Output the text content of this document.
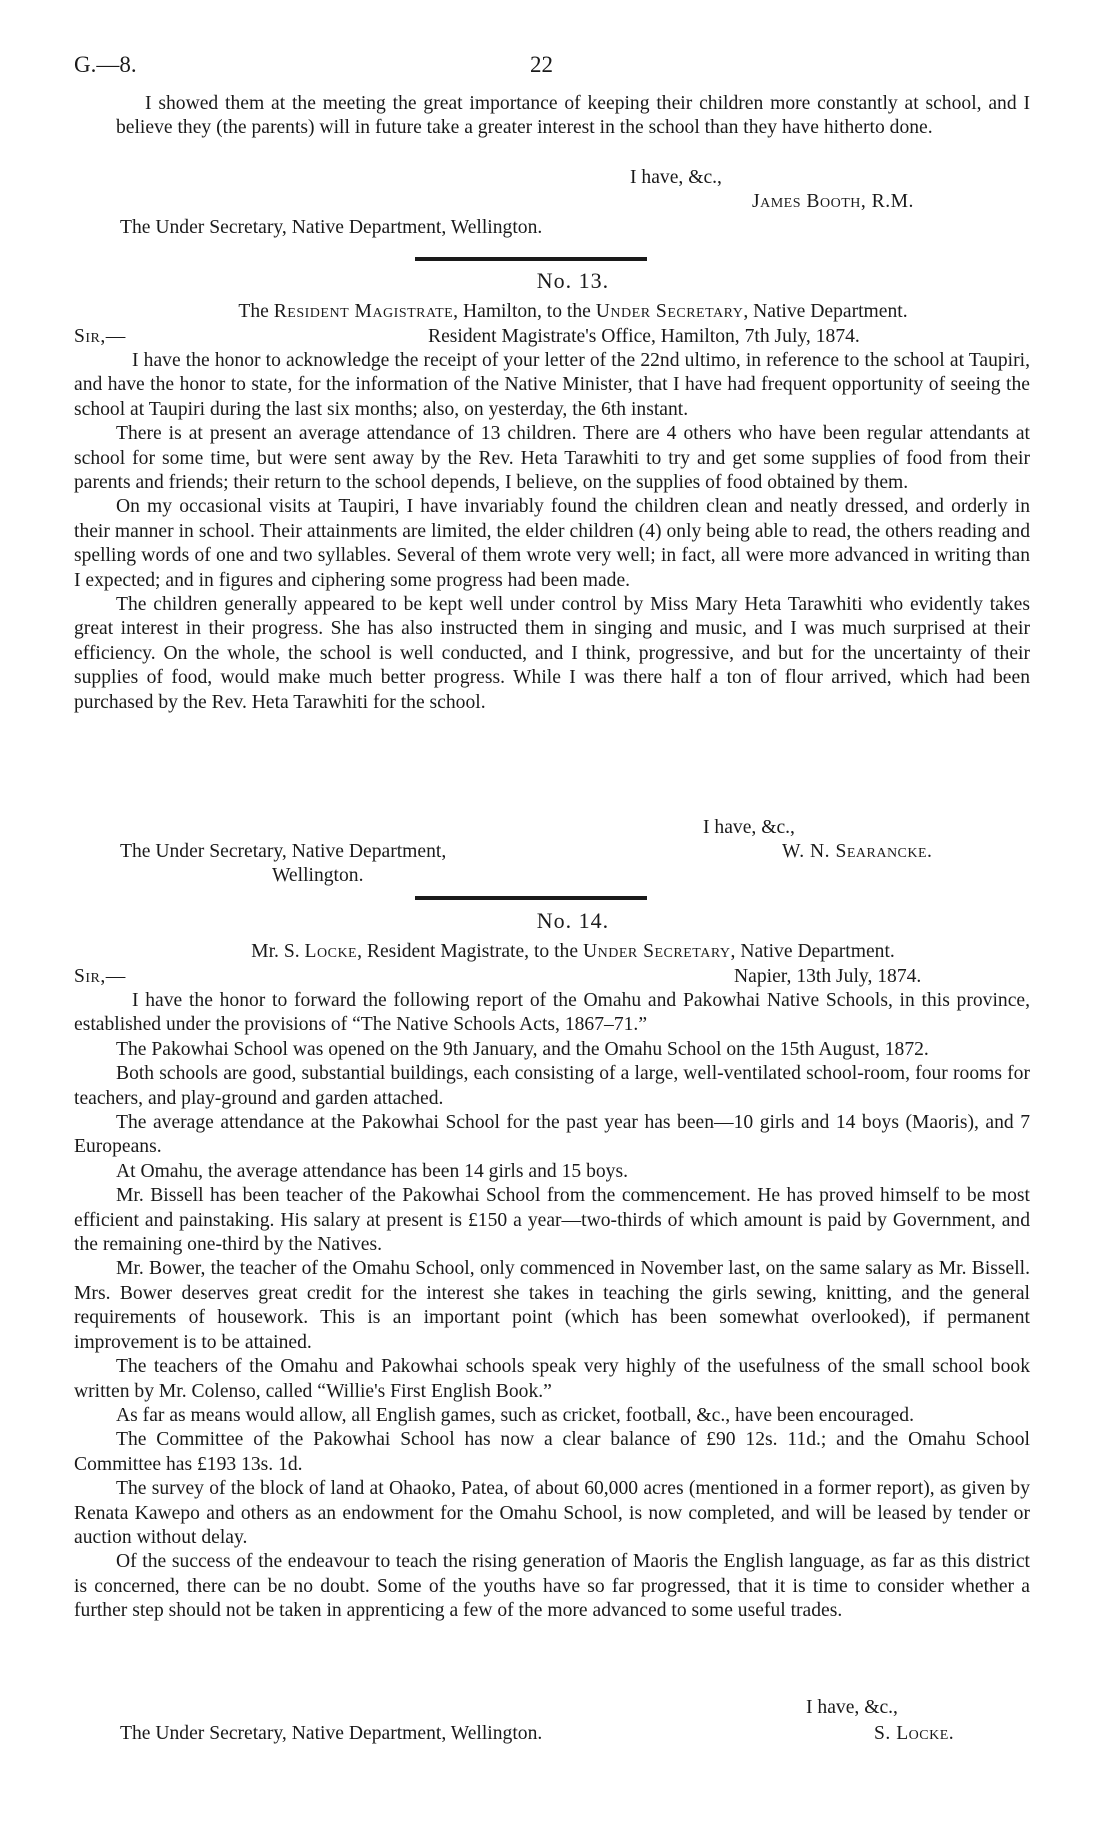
G.—8.	22

I showed them at the meeting the great importance of keeping their children more constantly at school, and I believe they (the parents) will in future take a greater interest in the school than they have hitherto done.

I have, &c.,
James Booth, R.M.
The Under Secretary, Native Department, Wellington.
No. 13.
The Resident Magistrate, Hamilton, to the Under Secretary, Native Department.
Sir,—	Resident Magistrate's Office, Hamilton, 7th July, 1874.

I have the honor to acknowledge the receipt of your letter of the 22nd ultimo, in reference to the school at Taupiri, and have the honor to state, for the information of the Native Minister, that I have had frequent opportunity of seeing the school at Taupiri during the last six months; also, on yesterday, the 6th instant.

There is at present an average attendance of 13 children. There are 4 others who have been regular attendants at school for some time, but were sent away by the Rev. Heta Tarawhiti to try and get some supplies of food from their parents and friends; their return to the school depends, I believe, on the supplies of food obtained by them.

On my occasional visits at Taupiri, I have invariably found the children clean and neatly dressed, and orderly in their manner in school. Their attainments are limited, the elder children (4) only being able to read, the others reading and spelling words of one and two syllables. Several of them wrote very well; in fact, all were more advanced in writing than I expected; and in figures and ciphering some progress had been made.

The children generally appeared to be kept well under control by Miss Mary Heta Tarawhiti who evidently takes great interest in their progress. She has also instructed them in singing and music, and I was much surprised at their efficiency. On the whole, the school is well conducted, and I think, progressive, and but for the uncertainty of their supplies of food, would make much better progress. While I was there half a ton of flour arrived, which had been purchased by the Rev. Heta Tarawhiti for the school.

I have, &c.,
The Under Secretary, Native Department,	W. N. Searancke.
Wellington.
No. 14.
Mr. S. Locke, Resident Magistrate, to the Under Secretary, Native Department.
Sir,—	Napier, 13th July, 1874.

I have the honor to forward the following report of the Omahu and Pakowhai Native Schools, in this province, established under the provisions of “The Native Schools Acts, 1867–71.”

The Pakowhai School was opened on the 9th January, and the Omahu School on the 15th August, 1872.

Both schools are good, substantial buildings, each consisting of a large, well-ventilated school-room, four rooms for teachers, and play-ground and garden attached.

The average attendance at the Pakowhai School for the past year has been—10 girls and 14 boys (Maoris), and 7 Europeans.

At Omahu, the average attendance has been 14 girls and 15 boys.

Mr. Bissell has been teacher of the Pakowhai School from the commencement. He has proved himself to be most efficient and painstaking. His salary at present is £150 a year—two-thirds of which amount is paid by Government, and the remaining one-third by the Natives.

Mr. Bower, the teacher of the Omahu School, only commenced in November last, on the same salary as Mr. Bissell. Mrs. Bower deserves great credit for the interest she takes in teaching the girls sewing, knitting, and the general requirements of housework. This is an important point (which has been somewhat overlooked), if permanent improvement is to be attained.

The teachers of the Omahu and Pakowhai schools speak very highly of the usefulness of the small school book written by Mr. Colenso, called “Willie's First English Book.”

As far as means would allow, all English games, such as cricket, football, &c., have been encouraged.

The Committee of the Pakowhai School has now a clear balance of £90 12s. 11d.; and the Omahu School Committee has £193 13s. 1d.

The survey of the block of land at Ohaoko, Patea, of about 60,000 acres (mentioned in a former report), as given by Renata Kawepo and others as an endowment for the Omahu School, is now completed, and will be leased by tender or auction without delay.

Of the success of the endeavour to teach the rising generation of Maoris the English language, as far as this district is concerned, there can be no doubt. Some of the youths have so far progressed, that it is time to consider whether a further step should not be taken in apprenticing a few of the more advanced to some useful trades.

I have, &c.,
The Under Secretary, Native Department, Wellington.	S. Locke.
